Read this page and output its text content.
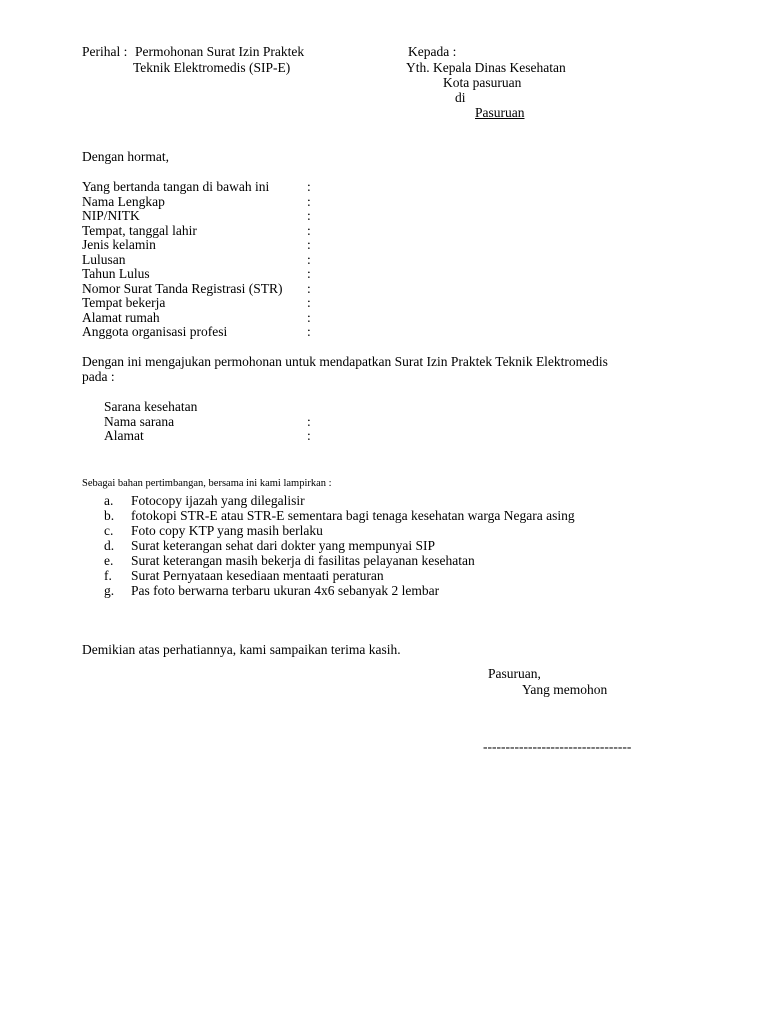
Perihal : Permohonan Surat Izin Praktek
Teknik Elektromedis (SIP-E)
Kepada :
Yth. Kepala Dinas Kesehatan
Kota pasuruan
di
Pasuruan
Dengan hormat,
Yang bertanda tangan di bawah ini	:
Nama Lengkap	:
NIP/NITK	:
Tempat, tanggal lahir	:
Jenis kelamin	:
Lulusan	:
Tahun Lulus	:
Nomor Surat Tanda Registrasi (STR) :
Tempat bekerja	:
Alamat rumah	:
Anggota organisasi profesi	:
Dengan ini mengajukan permohonan untuk mendapatkan Surat Izin Praktek Teknik Elektromedis
pada :
Sarana kesehatan
Nama sarana	:
Alamat	:
Sebagai bahan pertimbangan, bersama ini kami lampirkan :
a. Fotocopy ijazah yang dilegalisir
b. fotokopi STR-E atau STR-E sementara bagi tenaga kesehatan warga Negara asing
c. Foto copy KTP yang masih berlaku
d. Surat keterangan sehat dari dokter yang mempunyai SIP
e. Surat keterangan masih bekerja di fasilitas pelayanan kesehatan
f. Surat Pernyataan kesediaan mentaati peraturan
g. Pas foto berwarna terbaru ukuran 4x6 sebanyak 2 lembar
Demikian atas perhatiannya, kami sampaikan terima kasih.
Pasuruan,
Yang memohon
---------------------------------
